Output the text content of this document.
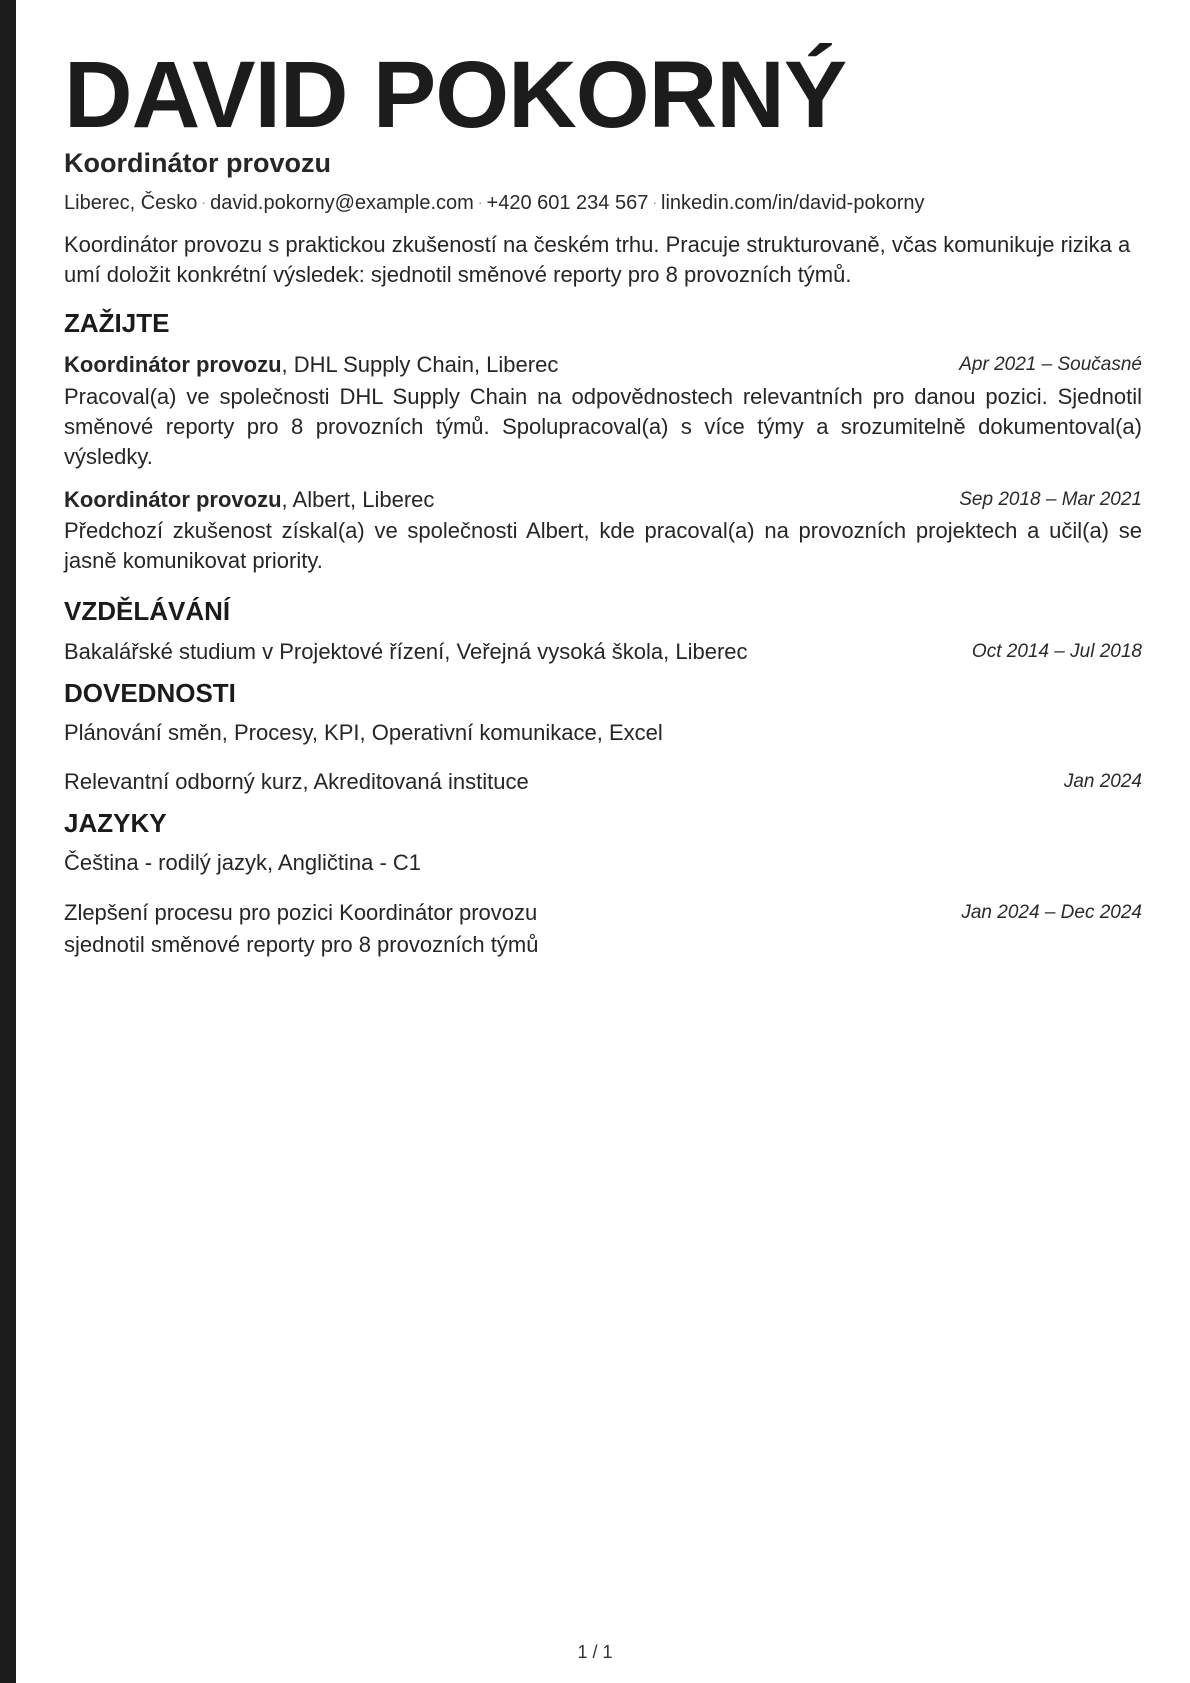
DAVID POKORNÝ
Koordinátor provozu
Liberec, Česko · david.pokorny@example.com · +420 601 234 567 · linkedin.com/in/david-pokorny
Koordinátor provozu s praktickou zkušeností na českém trhu. Pracuje strukturovaně, včas komunikuje rizika a umí doložit konkrétní výsledek: sjednotil směnové reporty pro 8 provozních týmů.
ZAŽIJTE
Koordinátor provozu, DHL Supply Chain, Liberec	Apr 2021 – Současné
Pracoval(a) ve společnosti DHL Supply Chain na odpovědnostech relevantních pro danou pozici. Sjednotil směnové reporty pro 8 provozních týmů. Spolupracoval(a) s více týmy a srozumitelně dokumentoval(a) výsledky.
Koordinátor provozu, Albert, Liberec	Sep 2018 – Mar 2021
Předchozí zkušenost získal(a) ve společnosti Albert, kde pracoval(a) na provozních projektech a učil(a) se jasně komunikovat priority.
VZDĚLÁVÁNÍ
Bakalářské studium v Projektové řízení, Veřejná vysoká škola, Liberec	Oct 2014 – Jul 2018
DOVEDNOSTI
Plánování směn, Procesy, KPI, Operativní komunikace, Excel
Relevantní odborný kurz, Akreditovaná instituce	Jan 2024
JAZYKY
Čeština - rodilý jazyk, Angličtina - C1
Zlepšení procesu pro pozici Koordinátor provozu	Jan 2024 – Dec 2024
sjednotil směnové reporty pro 8 provozních týmů
1 / 1
